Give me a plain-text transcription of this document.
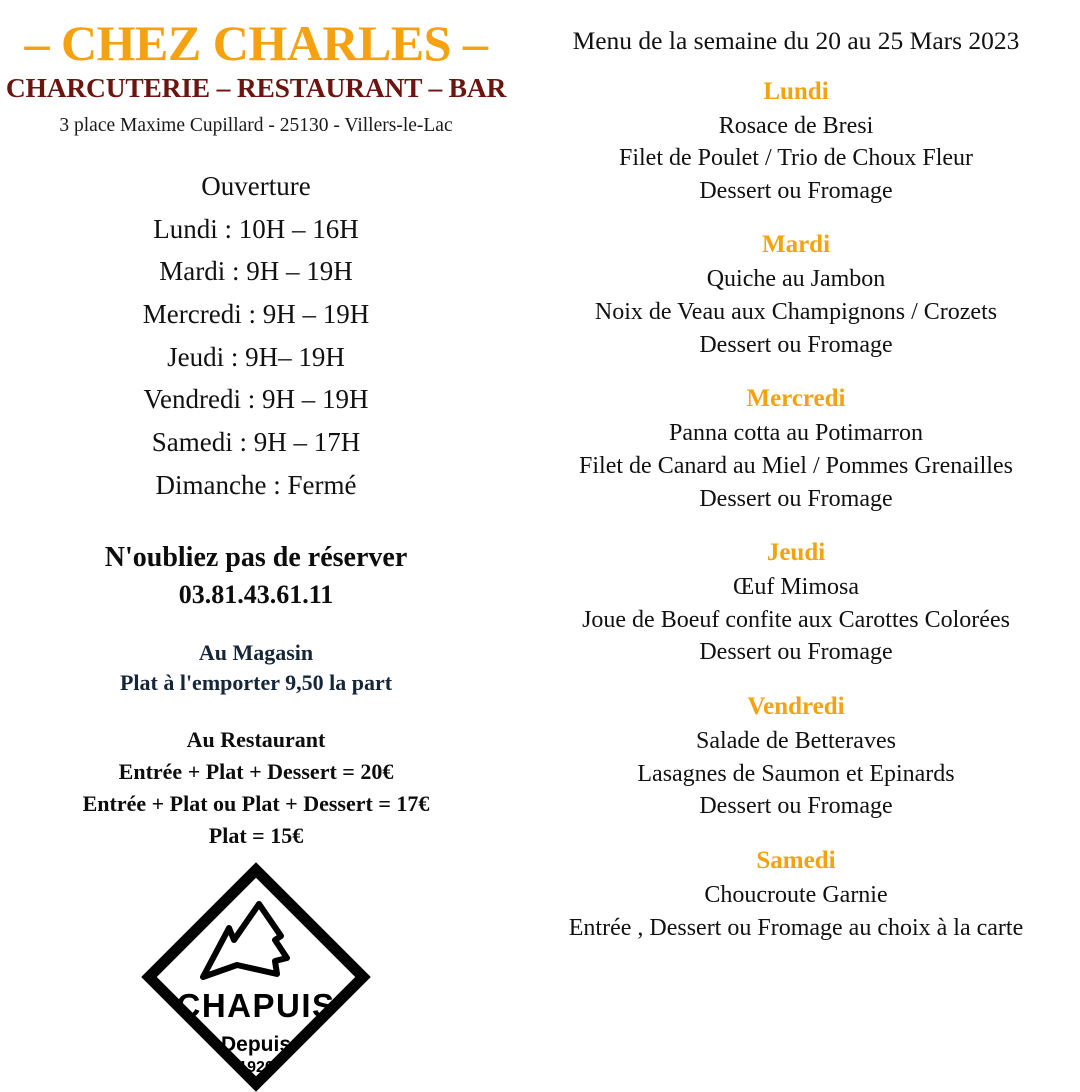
– CHEZ CHARLES –
CHARCUTERIE – RESTAURANT – BAR
3 place Maxime Cupillard - 25130 - Villers-le-Lac
Ouverture
Lundi : 10H – 16H
Mardi : 9H – 19H
Mercredi : 9H – 19H
Jeudi : 9H– 19H
Vendredi : 9H – 19H
Samedi : 9H – 17H
Dimanche : Fermé
N'oubliez pas de réserver
03.81.43.61.11
Au Magasin
Plat à l'emporter 9,50 la part
Au Restaurant
Entrée + Plat + Dessert = 20€
Entrée + Plat ou Plat + Dessert = 17€
Plat = 15€
CHAPUIS
Depuis
1920
Menu de la semaine du 20 au 25 Mars 2023
Lundi
Rosace de Bresi
Filet de Poulet / Trio de Choux Fleur
Dessert ou Fromage
Mardi
Quiche au Jambon
Noix de Veau aux Champignons / Crozets
Dessert ou Fromage
Mercredi
Panna cotta au Potimarron
Filet de Canard au Miel / Pommes Grenailles
Dessert ou Fromage
Jeudi
Œuf Mimosa
Joue de Boeuf confite aux Carottes Colorées
Dessert ou Fromage
Vendredi
Salade de Betteraves
Lasagnes de Saumon et Epinards
Dessert ou Fromage
Samedi
Choucroute Garnie
Entrée , Dessert ou Fromage au choix à la carte
